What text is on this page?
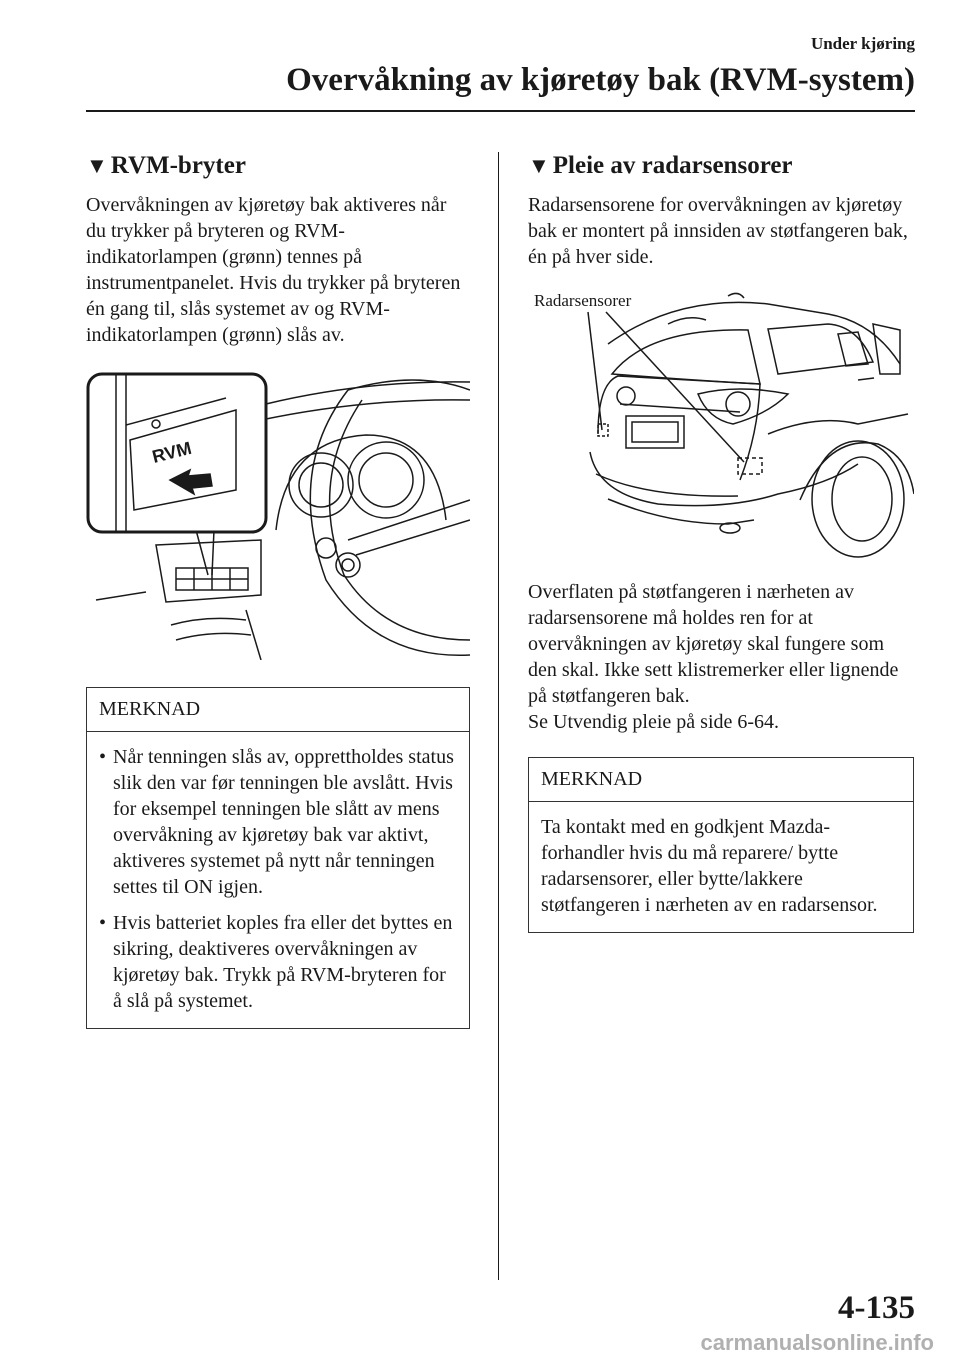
Under kjøring
Overvåkning av kjøretøy bak (RVM-system)
▼ RVM-bryter

Overvåkningen av kjøretøy bak aktiveres når du trykker på bryteren og RVM-indikatorlampen (grønn) tennes på instrumentpanelet. Hvis du trykker på bryteren én gang til, slås systemet av og RVM-indikatorlampen (grønn) slås av.

RVM
MERKNAD
• Når tenningen slås av, opprettholdes status slik den var før tenningen ble avslått. Hvis for eksempel tenningen ble slått av mens overvåkning av kjøretøy bak var aktivt, aktiveres systemet på nytt når tenningen settes til ON igjen.
• Hvis batteriet koples fra eller det byttes en sikring, deaktiveres overvåkningen av kjøretøy bak. Trykk på RVM-bryteren for å slå på systemet.
▼ Pleie av radarsensorer

Radarsensorene for overvåkningen av kjøretøy bak er montert på innsiden av støtfangeren bak, én på hver side.

Radarsensorer

Overflaten på støtfangeren i nærheten av radarsensorene må holdes ren for at overvåkningen av kjøretøy skal fungere som den skal. Ikke sett klistremerker eller lignende på støtfangeren bak.

Se Utvendig pleie på side 6-64.

MERKNAD
Ta kontakt med en godkjent Mazda-forhandler hvis du må reparere/ bytte radarsensorer, eller bytte/lakkere støtfangeren i nærheten av en radarsensor.
4-135
carmanualsonline.info
